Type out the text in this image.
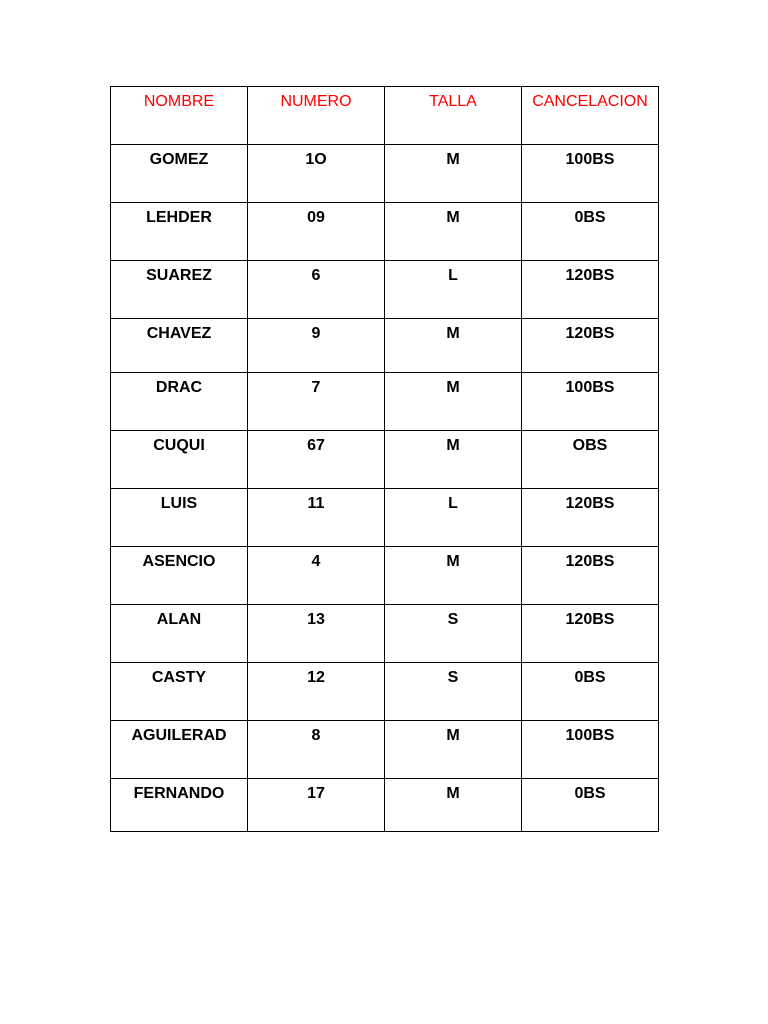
NOMBRE	NUMERO	TALLA	CANCELACION
GOMEZ	1O	M	100BS
LEHDER	09	M	0BS
SUAREZ	6	L	120BS
CHAVEZ	9	M	120BS
DRAC	7	M	100BS
CUQUI	67	M	OBS
LUIS	11	L	120BS
ASENCIO	4	M	120BS
ALAN	13	S	120BS
CASTY	12	S	0BS
AGUILERAD	8	M	100BS
FERNANDO	17	M	0BS
